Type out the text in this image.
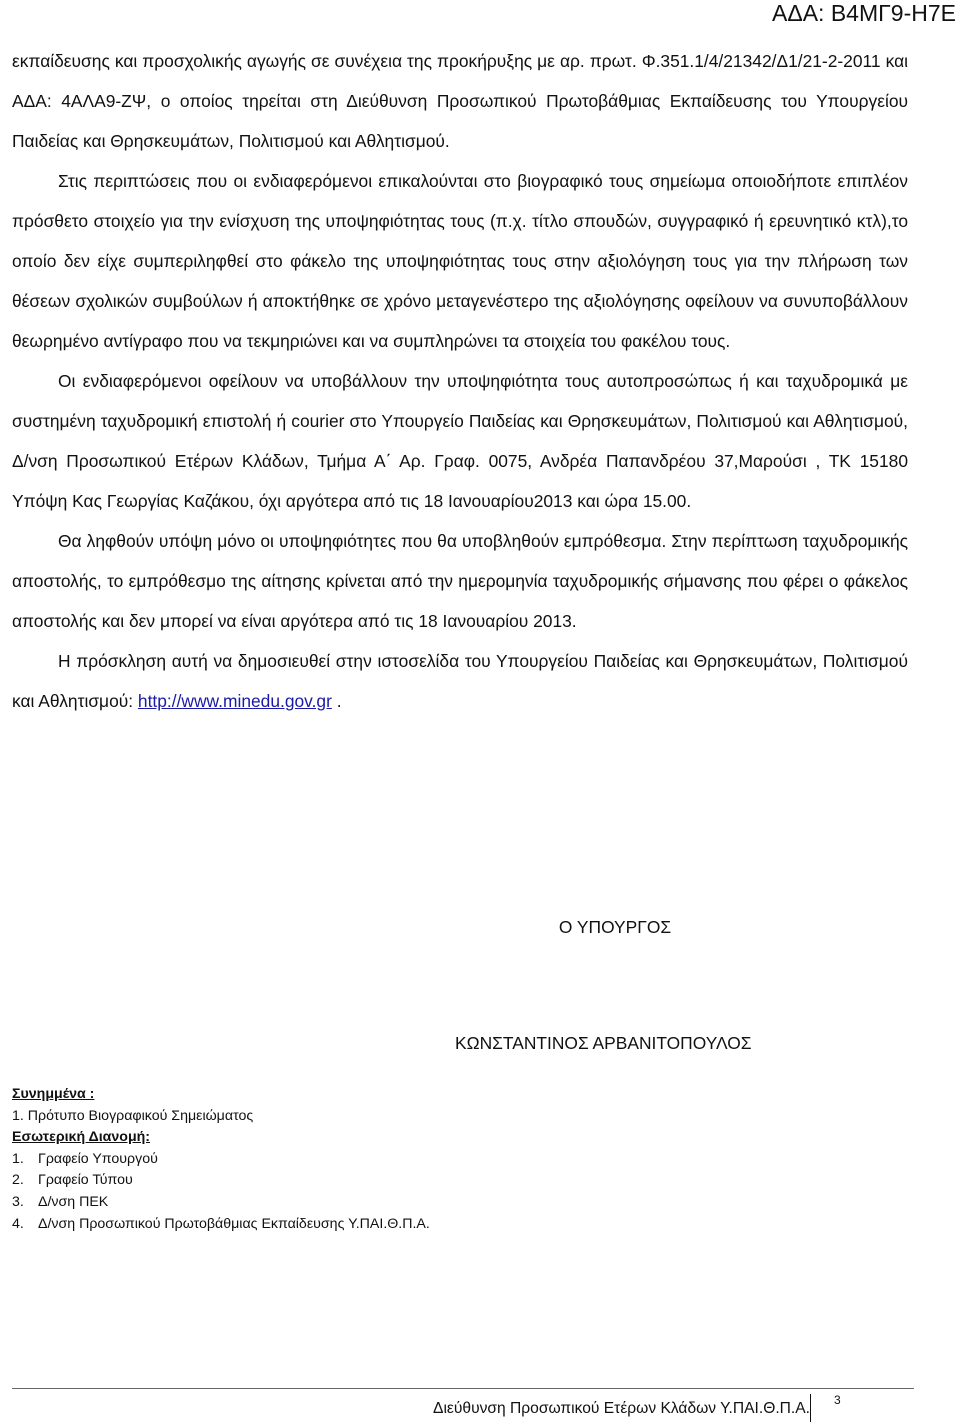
ΑΔΑ: Β4ΜΓ9-Η7Ε

εκπαίδευσης και προσχολικής αγωγής σε συνέχεια της προκήρυξης με αρ. πρωτ. Φ.351.1/4/21342/Δ1/21-2-2011 και ΑΔΑ: 4ΑΛΑ9-ΖΨ, ο οποίος τηρείται στη Διεύθυνση Προσωπικού Πρωτοβάθμιας Εκπαίδευσης του Υπουργείου Παιδείας και Θρησκευμάτων, Πολιτισμού και Αθλητισμού.

Στις περιπτώσεις που οι ενδιαφερόμενοι επικαλούνται στο βιογραφικό τους σημείωμα οποιοδήποτε επιπλέον πρόσθετο στοιχείο για την ενίσχυση της υποψηφιότητας τους (π.χ. τίτλο σπουδών, συγγραφικό ή ερευνητικό κτλ),το οποίο δεν είχε συμπεριληφθεί στο φάκελο της υποψηφιότητας τους στην αξιολόγηση τους για την πλήρωση των θέσεων σχολικών συμβούλων ή αποκτήθηκε σε χρόνο μεταγενέστερο της αξιολόγησης οφείλουν να συνυποβάλλουν θεωρημένο αντίγραφο που να τεκμηριώνει και να συμπληρώνει τα στοιχεία του φακέλου τους.

Οι ενδιαφερόμενοι οφείλουν να υποβάλλουν την υποψηφιότητα τους αυτοπροσώπως ή και ταχυδρομικά με συστημένη ταχυδρομική επιστολή ή courier στο Υπουργείο Παιδείας και Θρησκευμάτων, Πολιτισμού και Αθλητισμού, Δ/νση Προσωπικού Ετέρων Κλάδων, Τμήμα Α΄ Αρ. Γραφ. 0075, Ανδρέα Παπανδρέου 37,Μαρούσι , ΤΚ 15180 Υπόψη Κας Γεωργίας Καζάκου, όχι αργότερα από τις 18 Ιανουαρίου2013 και ώρα 15.00.

Θα ληφθούν υπόψη μόνο οι υποψηφιότητες που θα υποβληθούν εμπρόθεσμα. Στην περίπτωση ταχυδρομικής αποστολής, το εμπρόθεσμο της αίτησης κρίνεται από την ημερομηνία ταχυδρομικής σήμανσης που φέρει ο φάκελος αποστολής και δεν μπορεί να είναι αργότερα από τις 18 Ιανουαρίου 2013.

Η πρόσκληση αυτή να δημοσιευθεί στην ιστοσελίδα του Υπουργείου Παιδείας και Θρησκευμάτων, Πολιτισμού και Αθλητισμού: http://www.minedu.gov.gr .

Ο ΥΠΟΥΡΓΟΣ
ΚΩΝΣΤΑΝΤΙΝΟΣ ΑΡΒΑΝΙΤΟΠΟΥΛΟΣ
Συνημμένα :
1. Πρότυπο Βιογραφικού Σημειώματος
Εσωτερική Διανομή:
1. Γραφείο Υπουργού
2. Γραφείο Τύπου
3. Δ/νση ΠΕΚ
4. Δ/νση Προσωπικού Πρωτοβάθμιας Εκπαίδευσης Υ.ΠΑΙ.Θ.Π.Α.
Διεύθυνση Προσωπικού Ετέρων Κλάδων Υ.ΠΑΙ.Θ.Π.Α. 3
